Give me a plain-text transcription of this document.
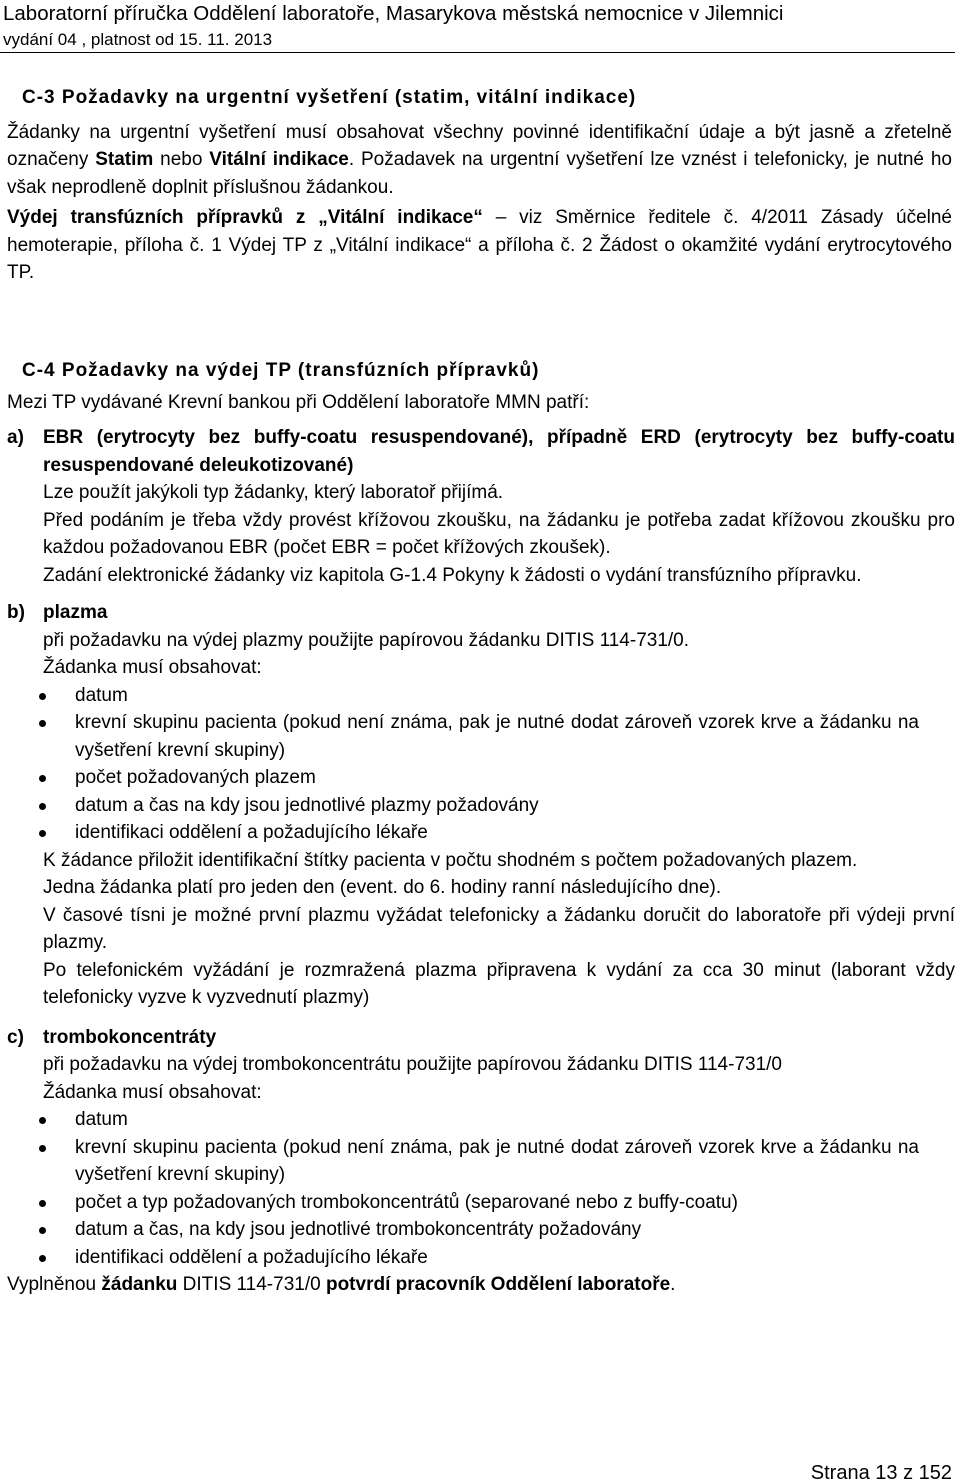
Laboratorní příručka Oddělení laboratoře, Masarykova městská nemocnice v Jilemnici
vydání 04 , platnost od 15. 11. 2013
C-3 Požadavky na urgentní vyšetření (statim, vitální indikace)
Žádanky na urgentní vyšetření musí obsahovat všechny povinné identifikační údaje a být jasně a zřetelně označeny Statim nebo Vitální indikace. Požadavek na urgentní vyšetření lze vznést i telefonicky, je nutné ho však neprodleně doplnit příslušnou žádankou.
Výdej transfúzních přípravků z „Vitální indikace“ – viz Směrnice ředitele č. 4/2011 Zásady účelné hemoterapie, příloha č. 1 Výdej TP z „Vitální indikace“ a příloha č. 2 Žádost o okamžité vydání erytrocytového TP.
C-4 Požadavky na výdej TP (transfúzních přípravků)
Mezi TP vydávané Krevní bankou při Oddělení laboratoře MMN patří:
a) EBR (erytrocyty bez buffy-coatu resuspendované), případně ERD (erytrocyty bez buffy-coatu resuspendované deleukotizované)
Lze použít jakýkoli typ žádanky, který laboratoř přijímá.
Před podáním je třeba vždy provést křížovou zkoušku, na žádanku je potřeba zadat křížovou zkoušku pro každou požadovanou EBR (počet EBR = počet křížových zkoušek).
Zadání elektronické žádanky viz kapitola G-1.4 Pokyny k žádosti o vydání transfúzního přípravku.
b) plazma
při požadavku na výdej plazmy použijte papírovou žádanku DITIS 114-731/0.
Žádanka musí obsahovat:
datum
krevní skupinu pacienta (pokud není známa, pak je nutné dodat zároveň vzorek krve a žádanku na vyšetření krevní skupiny)
počet požadovaných plazem
datum a čas na kdy jsou jednotlivé plazmy požadovány
identifikaci oddělení a požadujícího lékaře
K žádance přiložit identifikační štítky pacienta v počtu shodném s počtem požadovaných plazem.
Jedna žádanka platí pro jeden den (event. do 6. hodiny ranní následujícího dne).
V časové tísni je možné první plazmu vyžádat telefonicky a žádanku doručit do laboratoře při výdeji první plazmy.
Po telefonickém vyžádání je rozmražená plazma připravena k vydání za cca 30 minut (laborant vždy telefonicky vyzve k vyzvednutí plazmy)
c) trombokoncentráty
při požadavku na výdej trombokoncentrátu použijte papírovou žádanku DITIS 114-731/0
Žádanka musí obsahovat:
datum
krevní skupinu pacienta (pokud není známa, pak je nutné dodat zároveň vzorek krve a žádanku na vyšetření krevní skupiny)
počet a typ požadovaných trombokoncentrátů (separované nebo z buffy-coatu)
datum a čas, na kdy jsou jednotlivé trombokoncentráty požadovány
identifikaci oddělení a požadujícího lékaře
Vyplněnou žádanku DITIS 114-731/0 potvrdí pracovník Oddělení laboratoře.
Strana 13 z 152
